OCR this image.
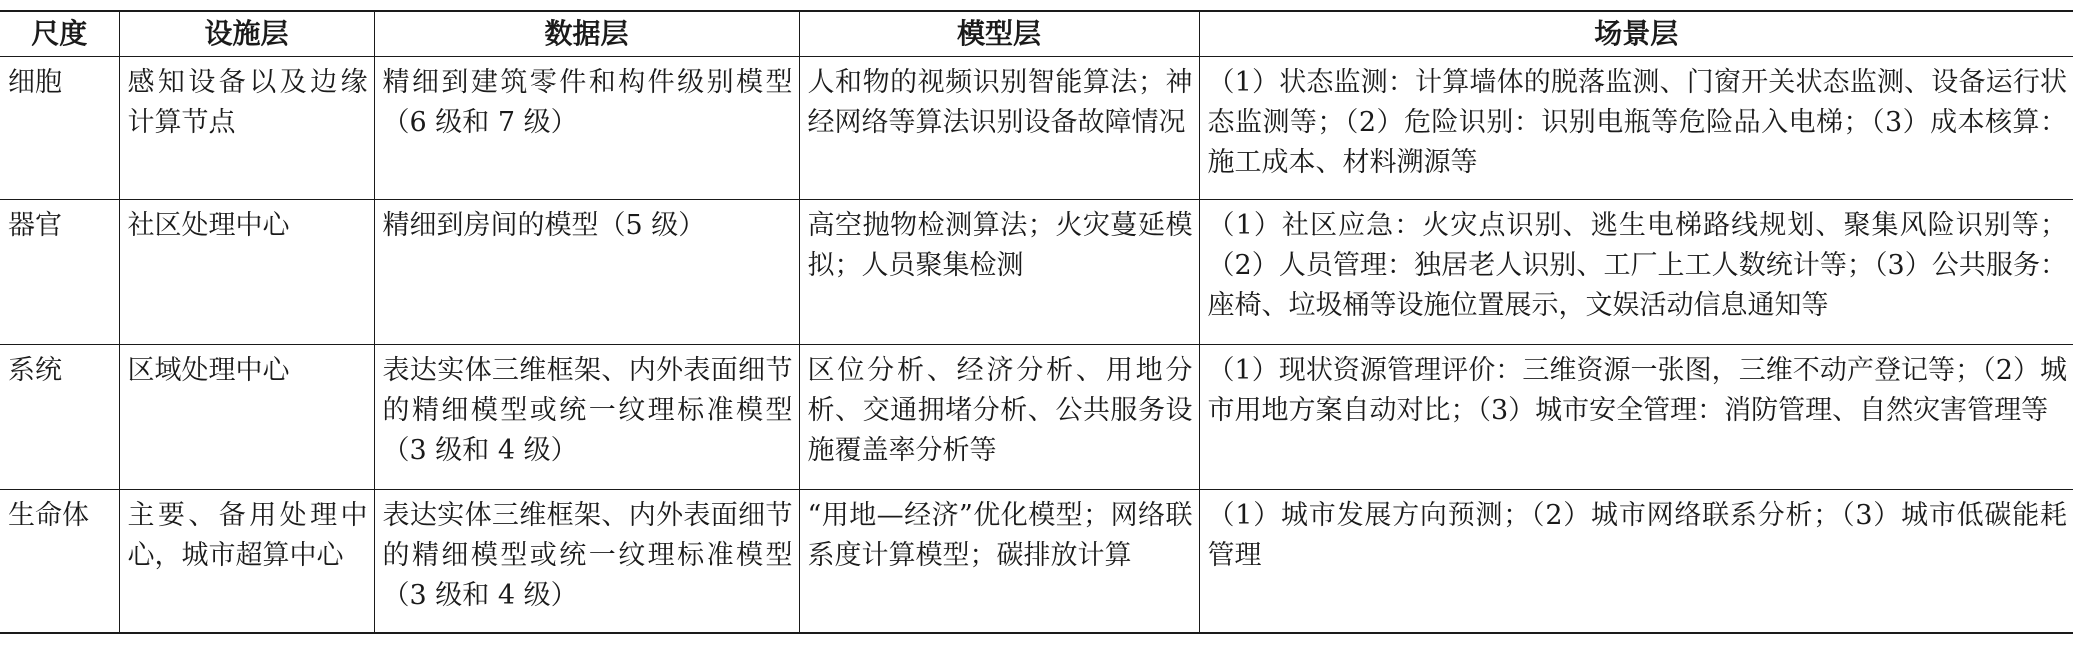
尺度	设施层	数据层	模型层	场景层
细胞	感知设备以及边缘计算节点	精细到建筑零件和构件级别模型（6 级和 7 级）	人和物的视频识别智能算法；神经网络等算法识别设备故障情况	（1）状态监测：计算墙体的脱落监测、门窗开关状态监测、设备运行状态监测等；（2）危险识别：识别电瓶等危险品入电梯；（3）成本核算：施工成本、材料溯源等
器官	社区处理中心	精细到房间的模型（5 级）	高空抛物检测算法；火灾蔓延模拟；人员聚集检测	（1）社区应急：火灾点识别、逃生电梯路线规划、聚集风险识别等；（2）人员管理：独居老人识别、工厂上工人数统计等；（3）公共服务：座椅、垃圾桶等设施位置展示，文娱活动信息通知等
系统	区域处理中心	表达实体三维框架、内外表面细节的精细模型或统一纹理标准模型（3 级和 4 级）	区位分析、经济分析、用地分析、交通拥堵分析、公共服务设施覆盖率分析等	（1）现状资源管理评价：三维资源一张图，三维不动产登记等；（2）城市用地方案自动对比；（3）城市安全管理：消防管理、自然灾害管理等
生命体	主要、备用处理中心，城市超算中心	表达实体三维框架、内外表面细节的精细模型或统一纹理标准模型（3 级和 4 级）	“用地—经济”优化模型；网络联系度计算模型；碳排放计算	（1）城市发展方向预测；（2）城市网络联系分析；（3）城市低碳能耗管理
